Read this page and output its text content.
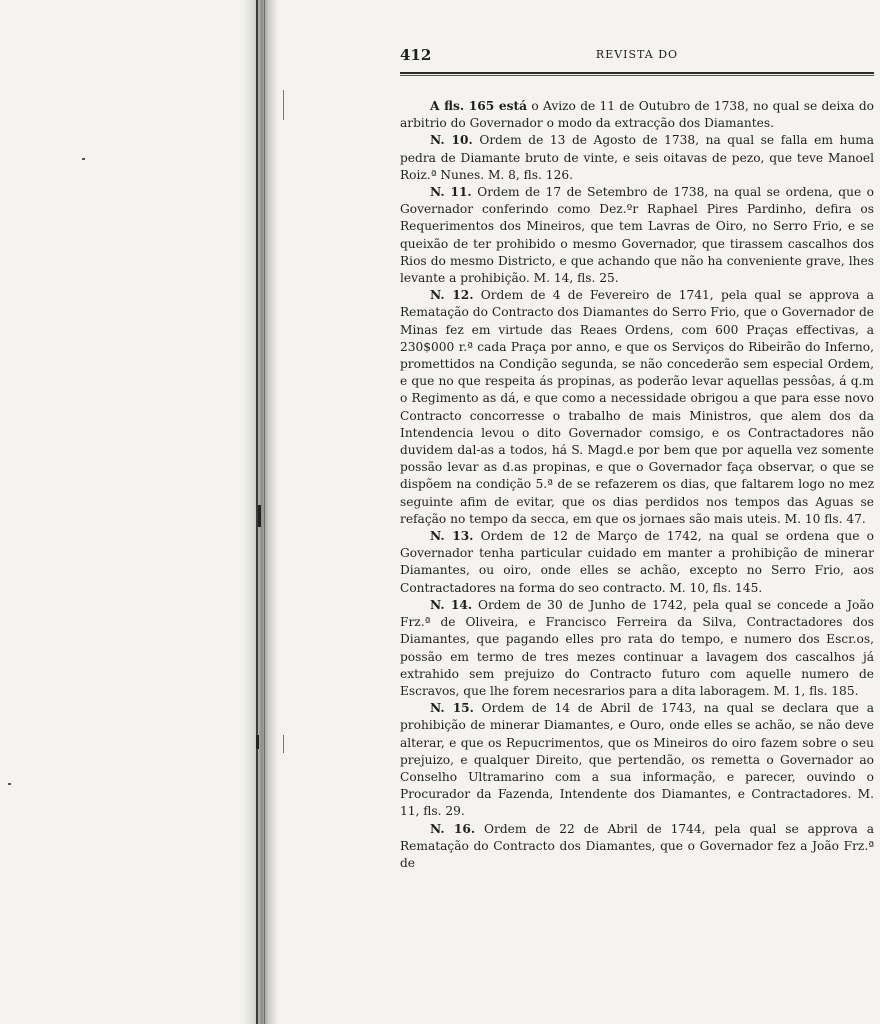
412	REVISTA DO

A fls. 165 está o Avizo de 11 de Outubro de 1738, no qual se deixa do arbitrio do Governador o modo da extracção dos Diamantes.

N. 10. Ordem de 13 de Agosto de 1738, na qual se falla em huma pedra de Diamante bruto de vinte, e seis oitavas de pezo, que teve Manoel Roiz.ª Nunes. M. 8, fls. 126.

N. 11. Ordem de 17 de Setembro de 1738, na qual se ordena, que o Governador conferindo como Dez.ºr Raphael Pires Pardinho, defira os Requerimentos dos Mineiros, que tem Lavras de Oiro, no Serro Frio, e se queixão de ter prohibido o mesmo Governador, que tirassem cascalhos dos Rios do mesmo Districto, e que achando que não ha conveniente grave, lhes levante a prohibição. M. 14, fls. 25.

N. 12. Ordem de 4 de Fevereiro de 1741, pela qual se approva a Rematação do Contracto dos Diamantes do Serro Frio, que o Governador de Minas fez em virtude das Reaes Ordens, com 600 Praças effectivas, a 230$000 r.ª cada Praça por anno, e que os Serviços do Ribeirão do Inferno, promettidos na Condição segunda, se não concederão sem especial Ordem, e que no que respeita ás propinas, as poderão levar aquellas pessôas, á q.m o Regimento as dá, e que como a necessidade obrigou a que para esse novo Contracto concorresse o trabalho de mais Ministros, que alem dos da Intendencia levou o dito Governador comsigo, e os Contractadores não duvidem dal-as a todos, há S. Magd.e por bem que por aquella vez somente possão levar as d.as propinas, e que o Governador faça observar, o que se dispõem na condição 5.ª de se refazerem os dias, que faltarem logo no mez seguinte afim de evitar, que os dias perdidos nos tempos das Aguas se refação no tempo da secca, em que os jornaes são mais uteis. M. 10 fls. 47.

N. 13. Ordem de 12 de Março de 1742, na qual se ordena que o Governador tenha particular cuidado em manter a prohibição de minerar Diamantes, ou oiro, onde elles se achão, excepto no Serro Frio, aos Contractadores na forma do seo contracto. M. 10, fls. 145.

N. 14. Ordem de 30 de Junho de 1742, pela qual se concede a João Frz.ª de Oliveira, e Francisco Ferreira da Silva, Contractadores dos Diamantes, que pagando elles pro rata do tempo, e numero dos Escr.os, possão em termo de tres mezes continuar a lavagem dos cascalhos já extrahido sem prejuizo do Contracto futuro com aquelle numero de Escravos, que lhe forem necesrarios para a dita laboragem. M. 1, fls. 185.

N. 15. Ordem de 14 de Abril de 1743, na qual se declara que a prohibição de minerar Diamantes, e Ouro, onde elles se achão, se não deve alterar, e que os Repucrimentos, que os Mineiros do oiro fazem sobre o seu prejuizo, e qualquer Direito, que pertendão, os remetta o Governador ao Conselho Ultramarino com a sua informação, e parecer, ouvindo o Procurador da Fazenda, Intendente dos Diamantes, e Contractadores. M. 11, fls. 29.

N. 16. Ordem de 22 de Abril de 1744, pela qual se approva a Rematação do Contracto dos Diamantes, que o Governador fez a João Frz.ª de
